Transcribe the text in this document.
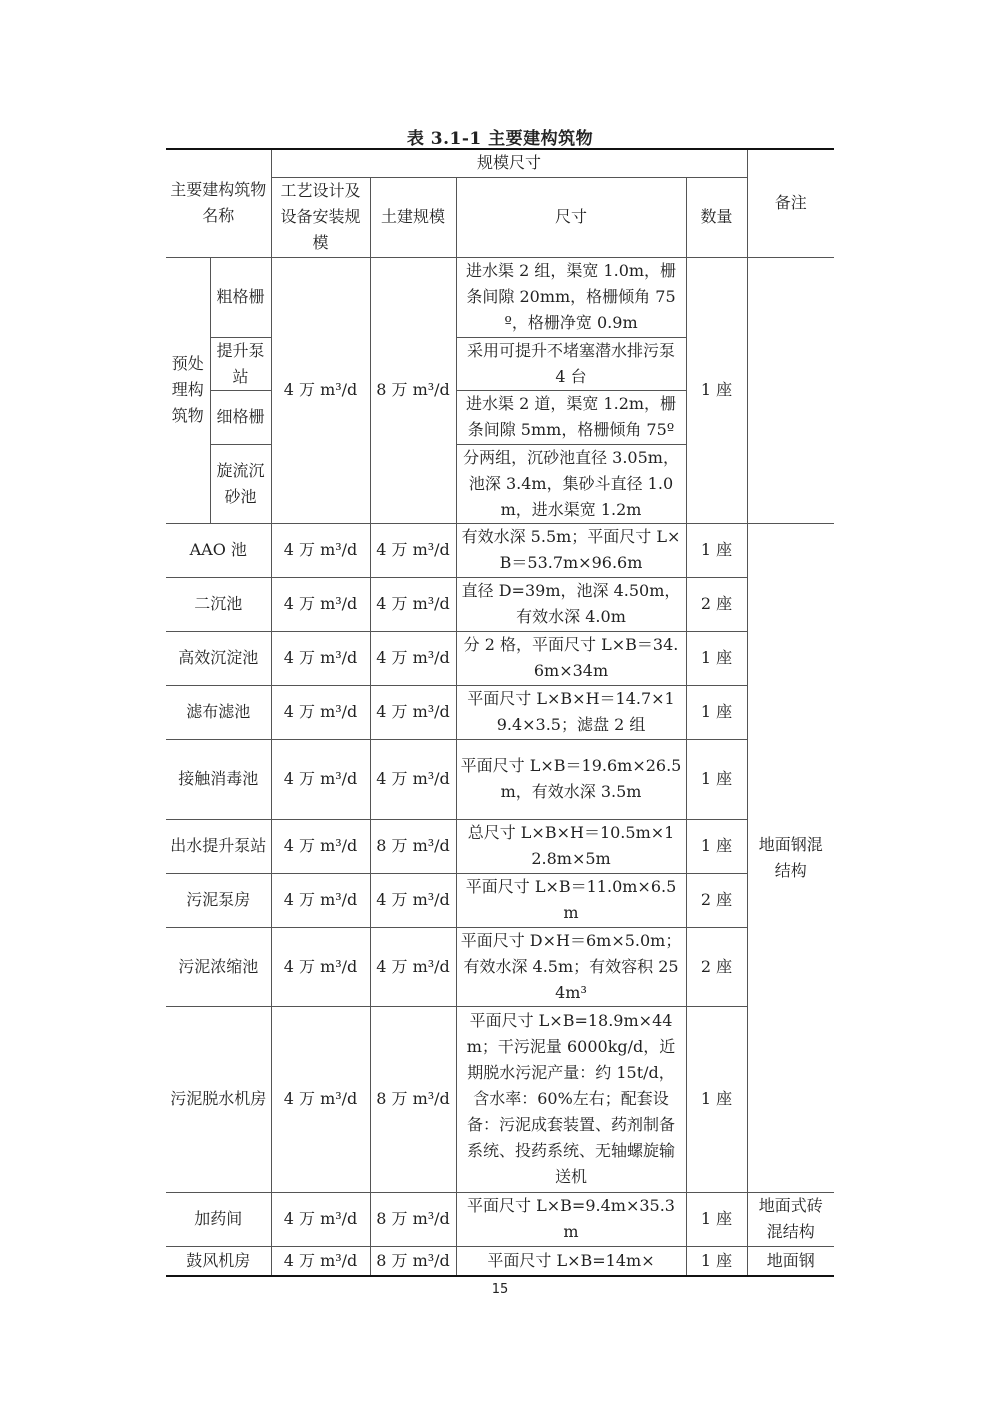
表 3.1-1 主要建构筑物
主要建构筑物名称		规模尺寸				备注
		工艺设计及设备安装规模	土建规模	尺寸	数量	
预处理构筑物	粗格栅	4 万 m³/d	8 万 m³/d	进水渠 2 组，渠宽 1.0m，栅条间隙 20mm，格栅倾角 75º，格栅净宽 0.9m	1 座	
	提升泵站			采用可提升不堵塞潜水排污泵 4 台		
	细格栅			进水渠 2 道，渠宽 1.2m，栅条间隙 5mm，格栅倾角 75º		
	旋流沉砂池			分两组，沉砂池直径 3.05m，池深 3.4m，集砂斗直径 1.0m，进水渠宽 1.2m		
AAO 池		4 万 m³/d	4 万 m³/d	有效水深 5.5m；平面尺寸 L×B＝53.7m×96.6m	1 座	地面钢混结构
二沉池		4 万 m³/d	4 万 m³/d	直径 D=39m，池深 4.50m，有效水深 4.0m	2 座	
高效沉淀池		4 万 m³/d	4 万 m³/d	分 2 格，平面尺寸 L×B＝34.6m×34m	1 座	
滤布滤池		4 万 m³/d	4 万 m³/d	平面尺寸 L×B×H＝14.7×19.4×3.5；滤盘 2 组	1 座	
接触消毒池		4 万 m³/d	4 万 m³/d	平面尺寸 L×B＝19.6m×26.5m，有效水深 3.5m	1 座	
出水提升泵站		4 万 m³/d	8 万 m³/d	总尺寸 L×B×H＝10.5m×12.8m×5m	1 座	
污泥泵房		4 万 m³/d	4 万 m³/d	平面尺寸 L×B＝11.0m×6.5m	2 座	
污泥浓缩池		4 万 m³/d	4 万 m³/d	平面尺寸 D×H＝6m×5.0m；有效水深 4.5m；有效容积 254m³	2 座	
污泥脱水机房		4 万 m³/d	8 万 m³/d	平面尺寸 L×B=18.9m×44m；干污泥量 6000kg/d，近期脱水污泥产量：约 15t/d，含水率：60%左右；配套设备：污泥成套装置、药剂制备系统、投药系统、无轴螺旋输送机	1 座	
加药间		4 万 m³/d	8 万 m³/d	平面尺寸 L×B=9.4m×35.3m	1 座	地面式砖混结构
鼓风机房		4 万 m³/d	8 万 m³/d	平面尺寸 L×B=14m×	1 座	地面钢
15
